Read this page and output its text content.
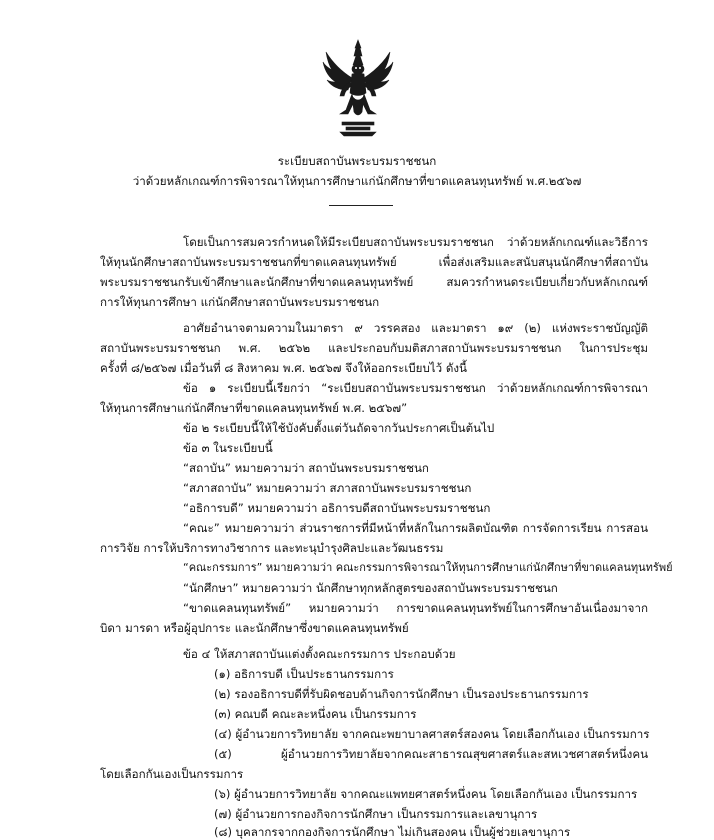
ระเบียบสถาบันพระบรมราชชนก
ว่าด้วยหลักเกณฑ์การพิจารณาให้ทุนการศึกษาแก่นักศึกษาที่ขาดแคลนทุนทรัพย์ พ.ศ.๒๕๖๗
โดยเป็นการสมควรกำหนดให้มีระเบียบสถาบันพระบรมราชชนก ว่าด้วยหลักเกณฑ์และวิธีการ
ให้ทุนนักศึกษาสถาบันพระบรมราชชนกที่ขาดแคลนทุนทรัพย์ เพื่อส่งเสริมและสนับสนุนนักศึกษาที่สถาบัน
พระบรมราชชนกรับเข้าศึกษาและนักศึกษาที่ขาดแคลนทุนทรัพย์ สมควรกำหนดระเบียบเกี่ยวกับหลักเกณฑ์
การให้ทุนการศึกษา แก่นักศึกษาสถาบันพระบรมราชชนก
อาศัยอำนาจตามความในมาตรา ๙ วรรคสอง และมาตรา ๑๙ (๒) แห่งพระราชบัญญัติ
สถาบันพระบรมราชชนก พ.ศ. ๒๕๖๒ และประกอบกับมติสภาสถาบันพระบรมราชชนก ในการประชุม
ครั้งที่ ๘/๒๕๖๗ เมื่อวันที่ ๘ สิงหาคม พ.ศ. ๒๕๖๗ จึงให้ออกระเบียบไว้ ดังนี้
ข้อ ๑ ระเบียบนี้เรียกว่า “ระเบียบสถาบันพระบรมราชชนก ว่าด้วยหลักเกณฑ์การพิจารณา
ให้ทุนการศึกษาแก่นักศึกษาที่ขาดแคลนทุนทรัพย์ พ.ศ. ๒๕๖๗”
ข้อ ๒ ระเบียบนี้ให้ใช้บังคับตั้งแต่วันถัดจากวันประกาศเป็นต้นไป
ข้อ ๓ ในระเบียบนี้
“สถาบัน” หมายความว่า สถาบันพระบรมราชชนก
“สภาสถาบัน” หมายความว่า สภาสถาบันพระบรมราชชนก
“อธิการบดี” หมายความว่า อธิการบดีสถาบันพระบรมราชชนก
“คณะ” หมายความว่า ส่วนราชการที่มีหน้าที่หลักในการผลิตบัณฑิต การจัดการเรียน การสอน
การวิจัย การให้บริการทางวิชาการ และทะนุบำรุงศิลปะและวัฒนธรรม
“คณะกรรมการ” หมายความว่า คณะกรรมการพิจารณาให้ทุนการศึกษาแก่นักศึกษาที่ขาดแคลนทุนทรัพย์
“นักศึกษา” หมายความว่า นักศึกษาทุกหลักสูตรของสถาบันพระบรมราชชนก
“ขาดแคลนทุนทรัพย์” หมายความว่า การขาดแคลนทุนทรัพย์ในการศึกษาอันเนื่องมาจาก
บิดา มารดา หรือผู้อุปการะ และนักศึกษาซึ่งขาดแคลนทุนทรัพย์
ข้อ ๔ ให้สภาสถาบันแต่งตั้งคณะกรรมการ ประกอบด้วย
(๑) อธิการบดี เป็นประธานกรรมการ
(๒) รองอธิการบดีที่รับผิดชอบด้านกิจการนักศึกษา เป็นรองประธานกรรมการ
(๓) คณบดี คณะละหนึ่งคน เป็นกรรมการ
(๔) ผู้อำนวยการวิทยาลัย จากคณะพยาบาลศาสตร์สองคน โดยเลือกกันเอง เป็นกรรมการ
(๕) ผู้อำนวยการวิทยาลัยจากคณะสาธารณสุขศาสตร์และสหเวชศาสตร์หนึ่งคน
โดยเลือกกันเองเป็นกรรมการ
(๖) ผู้อำนวยการวิทยาลัย จากคณะแพทยศาสตร์หนึ่งคน โดยเลือกกันเอง เป็นกรรมการ
(๗) ผู้อำนวยการกองกิจการนักศึกษา เป็นกรรมการและเลขานุการ
(๘) บุคลากรจากกองกิจการนักศึกษา ไม่เกินสองคน เป็นผู้ช่วยเลขานุการ
